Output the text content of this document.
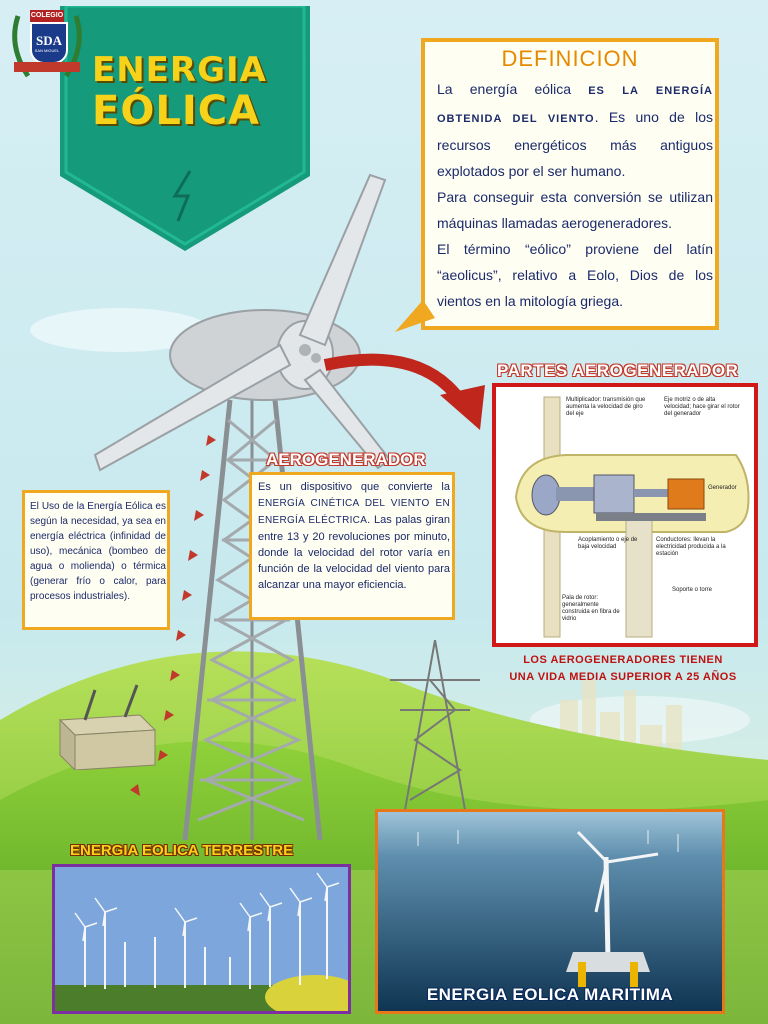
ENERGIA
EÓLICA
COLEGIO
SDA
SAN MIGUEL	DEFINICION

La energía eólica ES LA ENERGÍA OBTENIDA DEL VIENTO. Es uno de los recursos energéticos más antiguos explotados por el ser humano.

Para conseguir esta conversión se utilizan máquinas llamadas aerogeneradores.

El término “eólico” proviene del latín “aeolicus”, relativo a Eolo, Dios de los vientos en la mitología griega.

PARTES AEROGENERADOR
Multiplicador: transmisión que aumenta la velocidad de giro del eje
Eje motriz o de alta velocidad; hace girar el rotor del generador
Generador
Acoplamiento o eje de baja velocidad
Conductores: llevan la electricidad producida a la estación
Pala de rotor: generalmente construida en fibra de vidrio
Soporte o torre
LOS AEROGENERADORES TIENEN
UNA VIDA MEDIA SUPERIOR A 25 AÑOS
AEROGENERADOR
Es un dispositivo que convierte la ENERGÍA CINÉTICA DEL VIENTO EN ENERGÍA ELÉCTRICA. Las palas giran entre 13 y 20 revoluciones por minuto, donde la velocidad del rotor varía en función de la velocidad del viento para alcanzar una mayor eficiencia.
El Uso de la Energía Eólica es según la necesidad, ya sea en energía eléctrica (infinidad de uso), mecánica (bombeo de agua o molienda) o térmica (generar frío o calor, para procesos industriales).
ENERGIA EOLICA TERRESTRE
ENERGIA EOLICA MARITIMA
